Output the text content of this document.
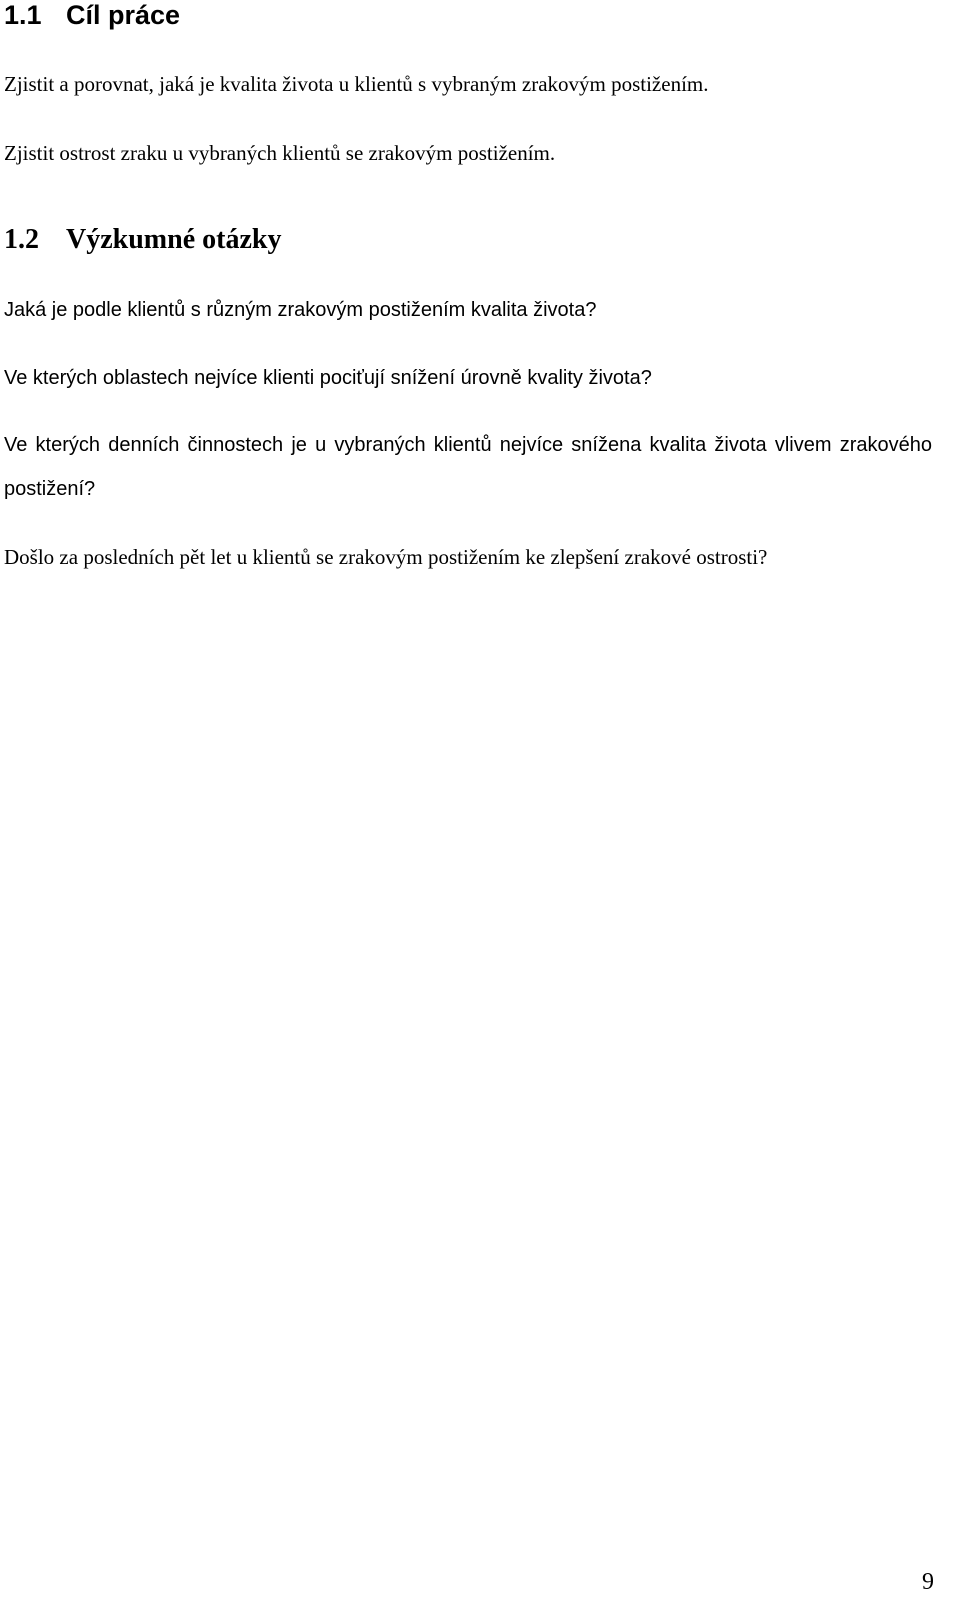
1.1 Cíl práce

Zjistit a porovnat, jaká je kvalita života u klientů s vybraným zrakovým postižením.

Zjistit ostrost zraku u vybraných klientů se zrakovým postižením.

1.2 Výzkumné otázky

Jaká je podle klientů s různým zrakovým postižením kvalita života?

Ve kterých oblastech nejvíce klienti pociťují snížení úrovně kvality života?

Ve kterých denních činnostech je u vybraných klientů nejvíce snížena kvalita života vlivem zrakového postižení?

Došlo za posledních pět let u klientů se zrakovým postižením ke zlepšení zrakové ostrosti?

9
